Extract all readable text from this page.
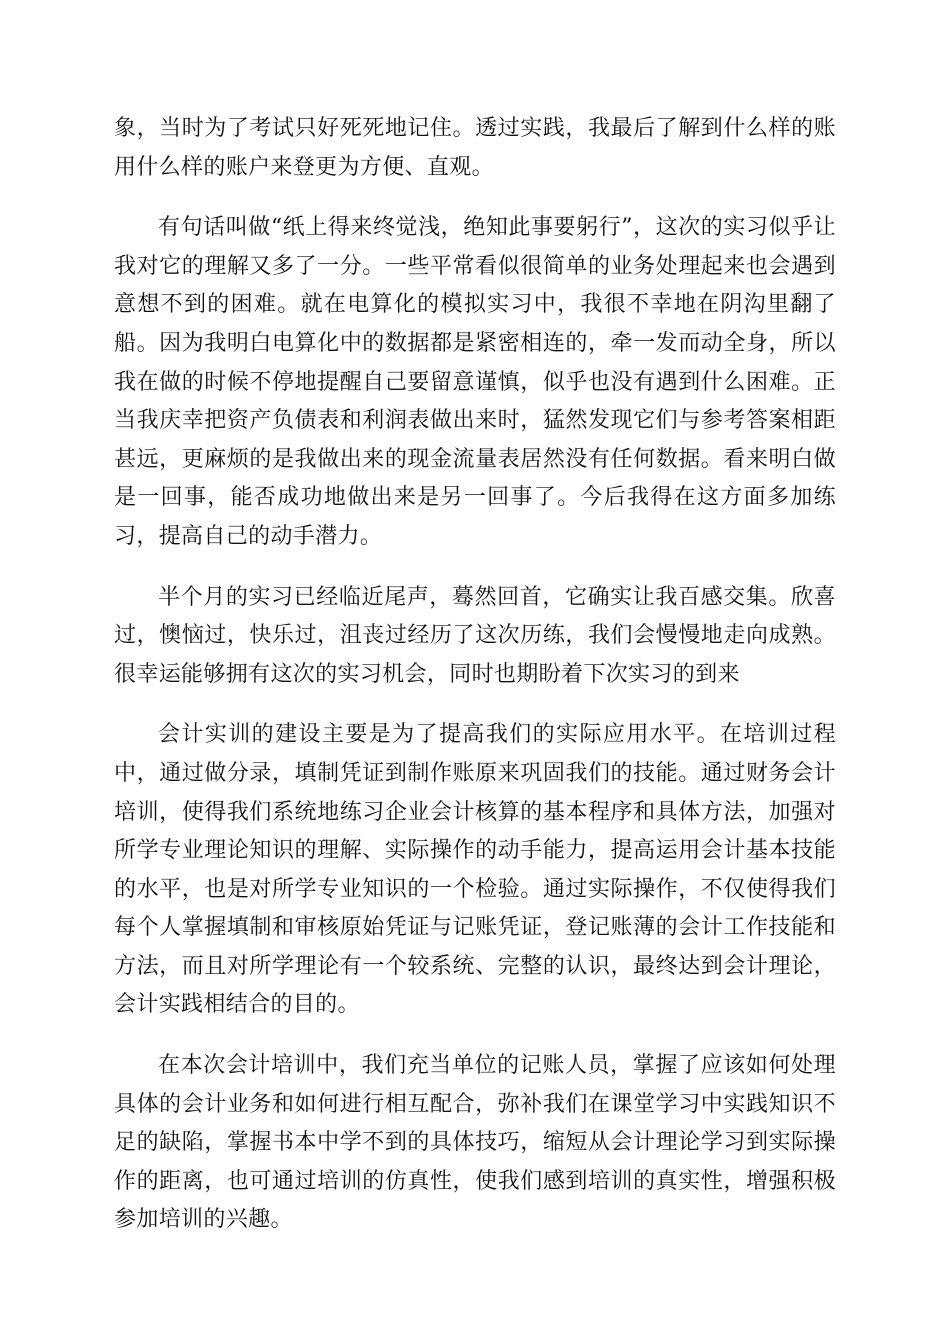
象，当时为了考试只好死死地记住。透过实践，我最后了解到什么样的账用什么样的账户来登更为方便、直观。

有句话叫做“纸上得来终觉浅，绝知此事要躬行”，这次的实习似乎让我对它的理解又多了一分。一些平常看似很简单的业务处理起来也会遇到意想不到的困难。就在电算化的模拟实习中，我很不幸地在阴沟里翻了船。因为我明白电算化中的数据都是紧密相连的，牵一发而动全身，所以我在做的时候不停地提醒自己要留意谨慎，似乎也没有遇到什么困难。正当我庆幸把资产负债表和利润表做出来时，猛然发现它们与参考答案相距甚远，更麻烦的是我做出来的现金流量表居然没有任何数据。看来明白做是一回事，能否成功地做出来是另一回事了。今后我得在这方面多加练习，提高自己的动手潜力。

半个月的实习已经临近尾声，蓦然回首，它确实让我百感交集。欣喜过，懊恼过，快乐过，沮丧过经历了这次历练，我们会慢慢地走向成熟。很幸运能够拥有这次的实习机会，同时也期盼着下次实习的到来

会计实训的建设主要是为了提高我们的实际应用水平。在培训过程中，通过做分录，填制凭证到制作账原来巩固我们的技能。通过财务会计培训，使得我们系统地练习企业会计核算的基本程序和具体方法，加强对所学专业理论知识的理解、实际操作的动手能力，提高运用会计基本技能的水平，也是对所学专业知识的一个检验。通过实际操作，不仅使得我们每个人掌握填制和审核原始凭证与记账凭证，登记账薄的会计工作技能和方法，而且对所学理论有一个较系统、完整的认识，最终达到会计理论，会计实践相结合的目的。

在本次会计培训中，我们充当单位的记账人员，掌握了应该如何处理具体的会计业务和如何进行相互配合，弥补我们在课堂学习中实践知识不足的缺陷，掌握书本中学不到的具体技巧，缩短从会计理论学习到实际操作的距离，也可通过培训的仿真性，使我们感到培训的真实性，增强积极参加培训的兴趣。
